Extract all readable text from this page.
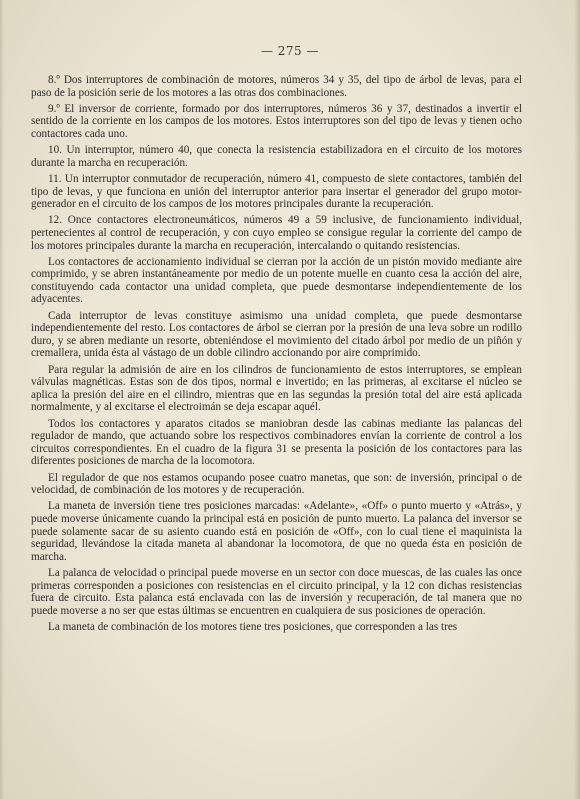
— 275 —

8.º Dos interruptores de combinación de motores, números 34 y 35, del tipo de árbol de levas, para el paso de la posición serie de los motores a las otras dos combinaciones.

9.º El inversor de corriente, formado por dos interruptores, números 36 y 37, destinados a invertir el sentido de la corriente en los campos de los motores. Estos interruptores son del tipo de levas y tienen ocho contactores cada uno.

10. Un interruptor, número 40, que conecta la resistencia estabilizadora en el circuito de los motores durante la marcha en recuperación.

11. Un interruptor conmutador de recuperación, número 41, compuesto de siete contactores, también del tipo de levas, y que funciona en unión del interruptor anterior para insertar el generador del grupo motor-generador en el circuito de los campos de los motores principales durante la recuperación.

12. Once contactores electroneumáticos, números 49 a 59 inclusive, de funcionamiento individual, pertenecientes al control de recuperación, y con cuyo empleo se consigue regular la corriente del campo de los motores principales durante la marcha en recuperación, intercalando o quitando resistencias.

Los contactores de accionamiento individual se cierran por la acción de un pistón movido mediante aire comprimido, y se abren instantáneamente por medio de un potente muelle en cuanto cesa la acción del aire, constituyendo cada contactor una unidad completa, que puede desmontarse independientemente de los adyacentes.

Cada interruptor de levas constituye asimismo una unidad completa, que puede desmontarse independientemente del resto. Los contactores de árbol se cierran por la presión de una leva sobre un rodillo duro, y se abren mediante un resorte, obteniéndose el movimiento del citado árbol por medio de un piñón y cremallera, unida ésta al vástago de un doble cilindro accionando por aire comprimido.

Para regular la admisión de aire en los cilindros de funcionamiento de estos interruptores, se emplean válvulas magnéticas. Estas son de dos tipos, normal e invertido; en las primeras, al excitarse el núcleo se aplica la presión del aire en el cilindro, mientras que en las segundas la presión total del aire está aplicada normalmente, y al excitarse el electroimán se deja escapar aquél.

Todos los contactores y aparatos citados se maniobran desde las cabinas mediante las palancas del regulador de mando, que actuando sobre los respectivos combinadores envían la corriente de control a los circuitos correspondientes. En el cuadro de la figura 31 se presenta la posición de los contactores para las diferentes posiciones de marcha de la locomotora.

El regulador de que nos estamos ocupando posee cuatro manetas, que son: de inversión, principal o de velocidad, de combinación de los motores y de recuperación.

La maneta de inversión tiene tres posiciones marcadas: «Adelante», «Off» o punto muerto y «Atrás», y puede moverse únicamente cuando la principal está en posición de punto muerto. La palanca del inversor se puede solamente sacar de su asiento cuando está en posición de «Off», con lo cual tiene el maquinista la seguridad, llevándose la citada maneta al abandonar la locomotora, de que no queda ésta en posición de marcha.

La palanca de velocidad o principal puede moverse en un sector con doce muescas, de las cuales las once primeras corresponden a posiciones con resistencias en el circuito principal, y la 12 con dichas resistencias fuera de circuito. Esta palanca está enclavada con las de inversión y recuperación, de tal manera que no puede moverse a no ser que estas últimas se encuentren en cualquiera de sus posiciones de operación.

La maneta de combinación de los motores tiene tres posiciones, que corresponden a las tres
